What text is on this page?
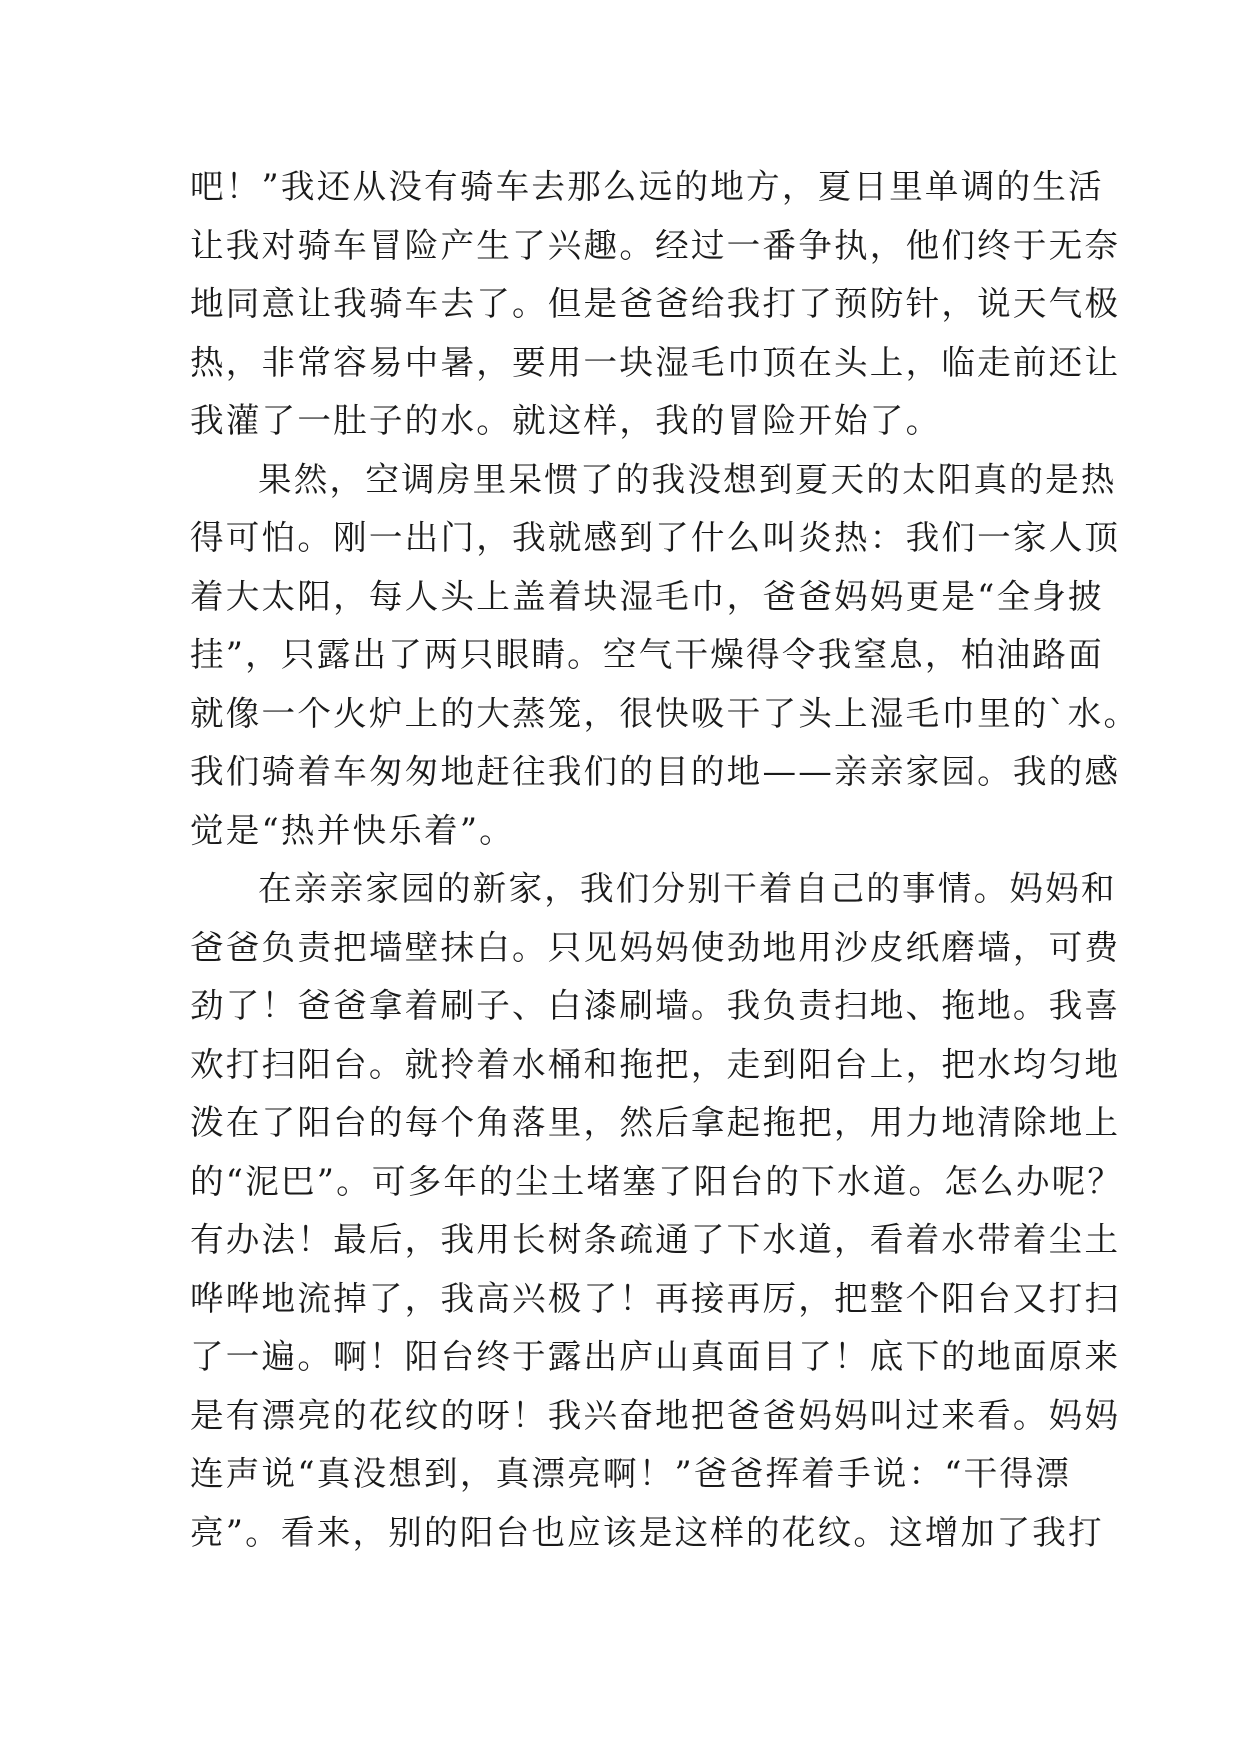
吧！”我还从没有骑车去那么远的地方，夏日里单调的生活
让我对骑车冒险产生了兴趣。经过一番争执，他们终于无奈
地同意让我骑车去了。但是爸爸给我打了预防针，说天气极
热，非常容易中暑，要用一块湿毛巾顶在头上，临走前还让
我灌了一肚子的水。就这样，我的冒险开始了。
果然，空调房里呆惯了的我没想到夏天的太阳真的是热
得可怕。刚一出门，我就感到了什么叫炎热：我们一家人顶
着大太阳，每人头上盖着块湿毛巾，爸爸妈妈更是“全身披
挂”，只露出了两只眼睛。空气干燥得令我窒息，柏油路面
就像一个火炉上的大蒸笼，很快吸干了头上湿毛巾里的`水。
我们骑着车匆匆地赶往我们的目的地——亲亲家园。我的感
觉是“热并快乐着”。
在亲亲家园的新家，我们分别干着自己的事情。妈妈和
爸爸负责把墙壁抹白。只见妈妈使劲地用沙皮纸磨墙，可费
劲了！爸爸拿着刷子、白漆刷墙。我负责扫地、拖地。我喜
欢打扫阳台。就拎着水桶和拖把，走到阳台上，把水均匀地
泼在了阳台的每个角落里，然后拿起拖把，用力地清除地上
的“泥巴”。可多年的尘土堵塞了阳台的下水道。怎么办呢？
有办法！最后，我用长树条疏通了下水道，看着水带着尘土
哗哗地流掉了，我高兴极了！再接再厉，把整个阳台又打扫
了一遍。啊！阳台终于露出庐山真面目了！底下的地面原来
是有漂亮的花纹的呀！我兴奋地把爸爸妈妈叫过来看。妈妈
连声说“真没想到，真漂亮啊！”爸爸挥着手说：“干得漂
亮”。看来，别的阳台也应该是这样的花纹。这增加了我打
